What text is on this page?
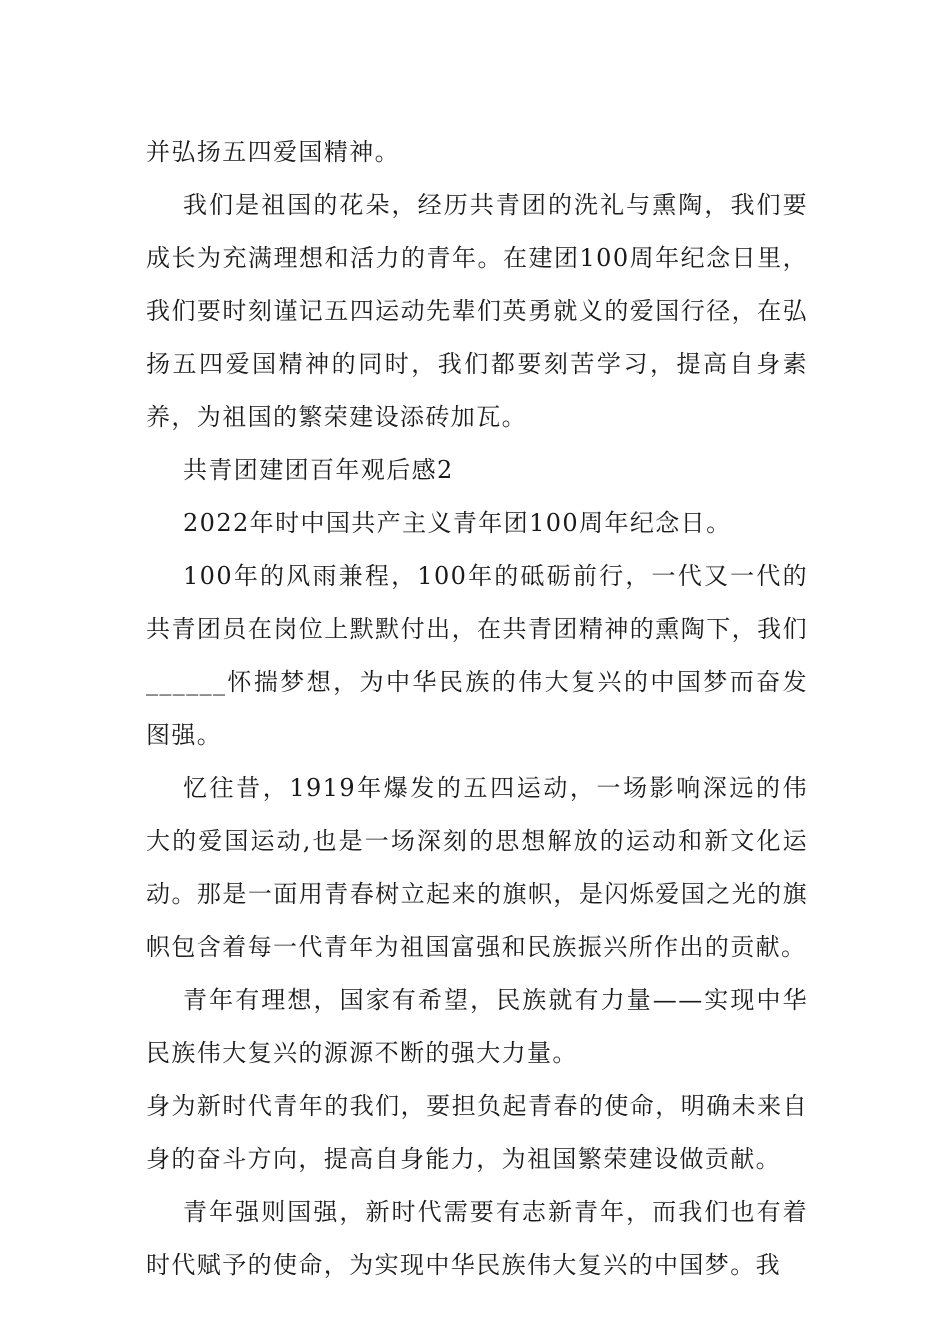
并弘扬五四爱国精神。

我们是祖国的花朵，经历共青团的洗礼与熏陶，我们要成长为充满理想和活力的青年。在建团100周年纪念日里，我们要时刻谨记五四运动先辈们英勇就义的爱国行径，在弘扬五四爱国精神的同时，我们都要刻苦学习，提高自身素养，为祖国的繁荣建设添砖加瓦。

共青团建团百年观后感2

2022年时中国共产主义青年团100周年纪念日。

100年的风雨兼程，100年的砥砺前行，一代又一代的共青团员在岗位上默默付出，在共青团精神的熏陶下，我们______怀揣梦想，为中华民族的伟大复兴的中国梦而奋发图强。

忆往昔，1919年爆发的五四运动，一场影响深远的伟大的爱国运动,也是一场深刻的思想解放的运动和新文化运动。那是一面用青春树立起来的旗帜，是闪烁爱国之光的旗帜包含着每一代青年为祖国富强和民族振兴所作出的贡献。

青年有理想，国家有希望，民族就有力量——实现中华民族伟大复兴的源源不断的强大力量。

身为新时代青年的我们，要担负起青春的使命，明确未来自身的奋斗方向，提高自身能力，为祖国繁荣建设做贡献。

青年强则国强，新时代需要有志新青年，而我们也有着时代赋予的使命，为实现中华民族伟大复兴的中国梦。我
